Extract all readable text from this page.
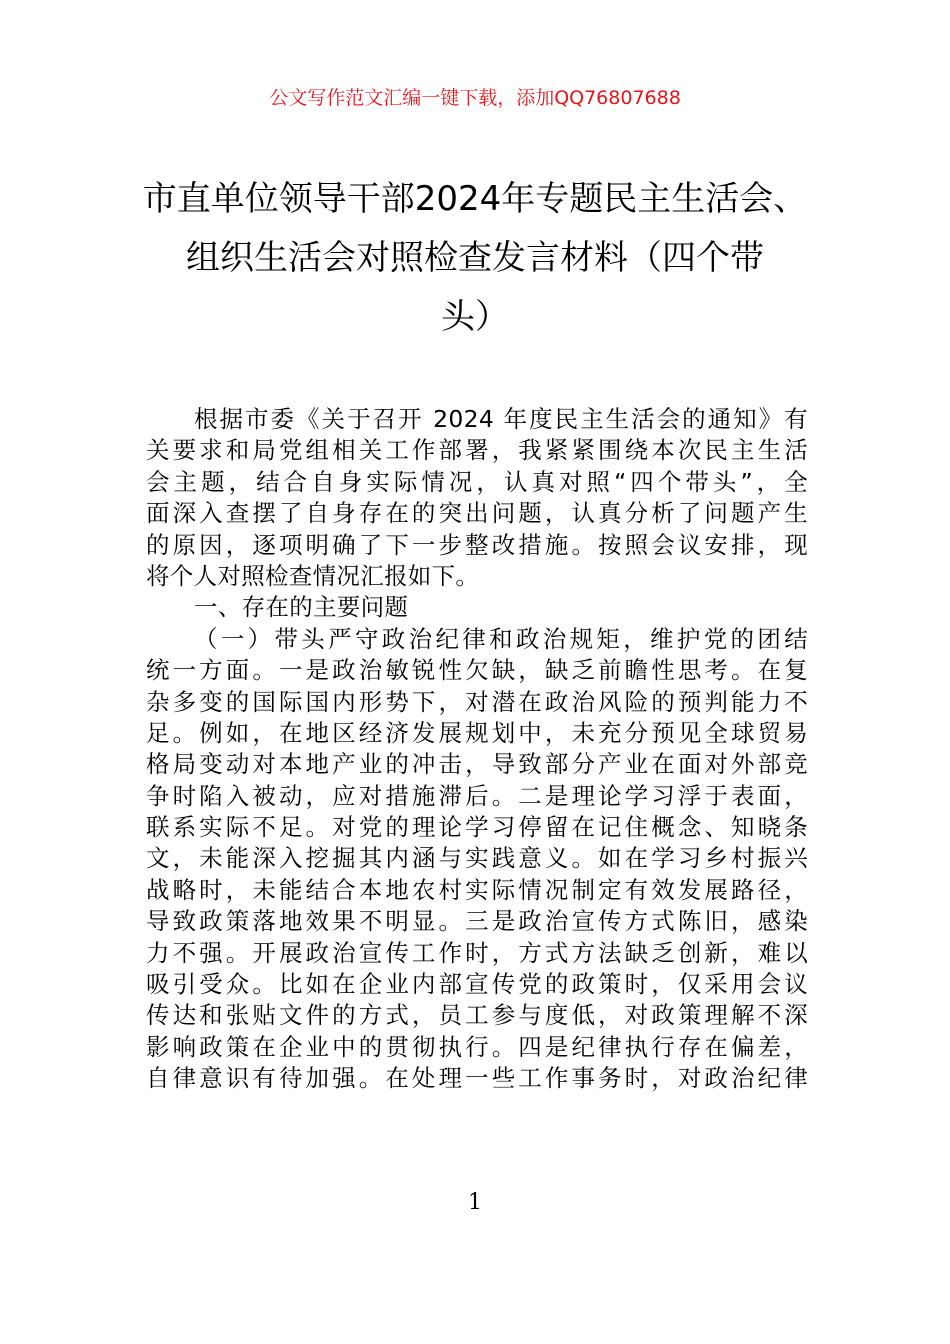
公文写作范文汇编一键下载，添加QQ76807688
市直单位领导干部2024年专题民主生活会、
组织生活会对照检查发言材料（四个带
头）
根据市委《关于召开 2024 年度民主生活会的通知》有
关要求和局党组相关工作部署，我紧紧围绕本次民主生活
会主题，结合自身实际情况，认真对照“四个带头”，全
面深入查摆了自身存在的突出问题，认真分析了问题产生
的原因，逐项明确了下一步整改措施。按照会议安排，现
将个人对照检查情况汇报如下。
一、存在的主要问题
（一）带头严守政治纪律和政治规矩，维护党的团结
统一方面。一是政治敏锐性欠缺，缺乏前瞻性思考。在复
杂多变的国际国内形势下，对潜在政治风险的预判能力不
足。例如，在地区经济发展规划中，未充分预见全球贸易
格局变动对本地产业的冲击，导致部分产业在面对外部竞
争时陷入被动，应对措施滞后。二是理论学习浮于表面，
联系实际不足。对党的理论学习停留在记住概念、知晓条
文，未能深入挖掘其内涵与实践意义。如在学习乡村振兴
战略时，未能结合本地农村实际情况制定有效发展路径，
导致政策落地效果不明显。三是政治宣传方式陈旧，感染
力不强。开展政治宣传工作时，方式方法缺乏创新，难以
吸引受众。比如在企业内部宣传党的政策时，仅采用会议
传达和张贴文件的方式，员工参与度低，对政策理解不深
影响政策在企业中的贯彻执行。四是纪律执行存在偏差，
自律意识有待加强。在处理一些工作事务时，对政治纪律
1
